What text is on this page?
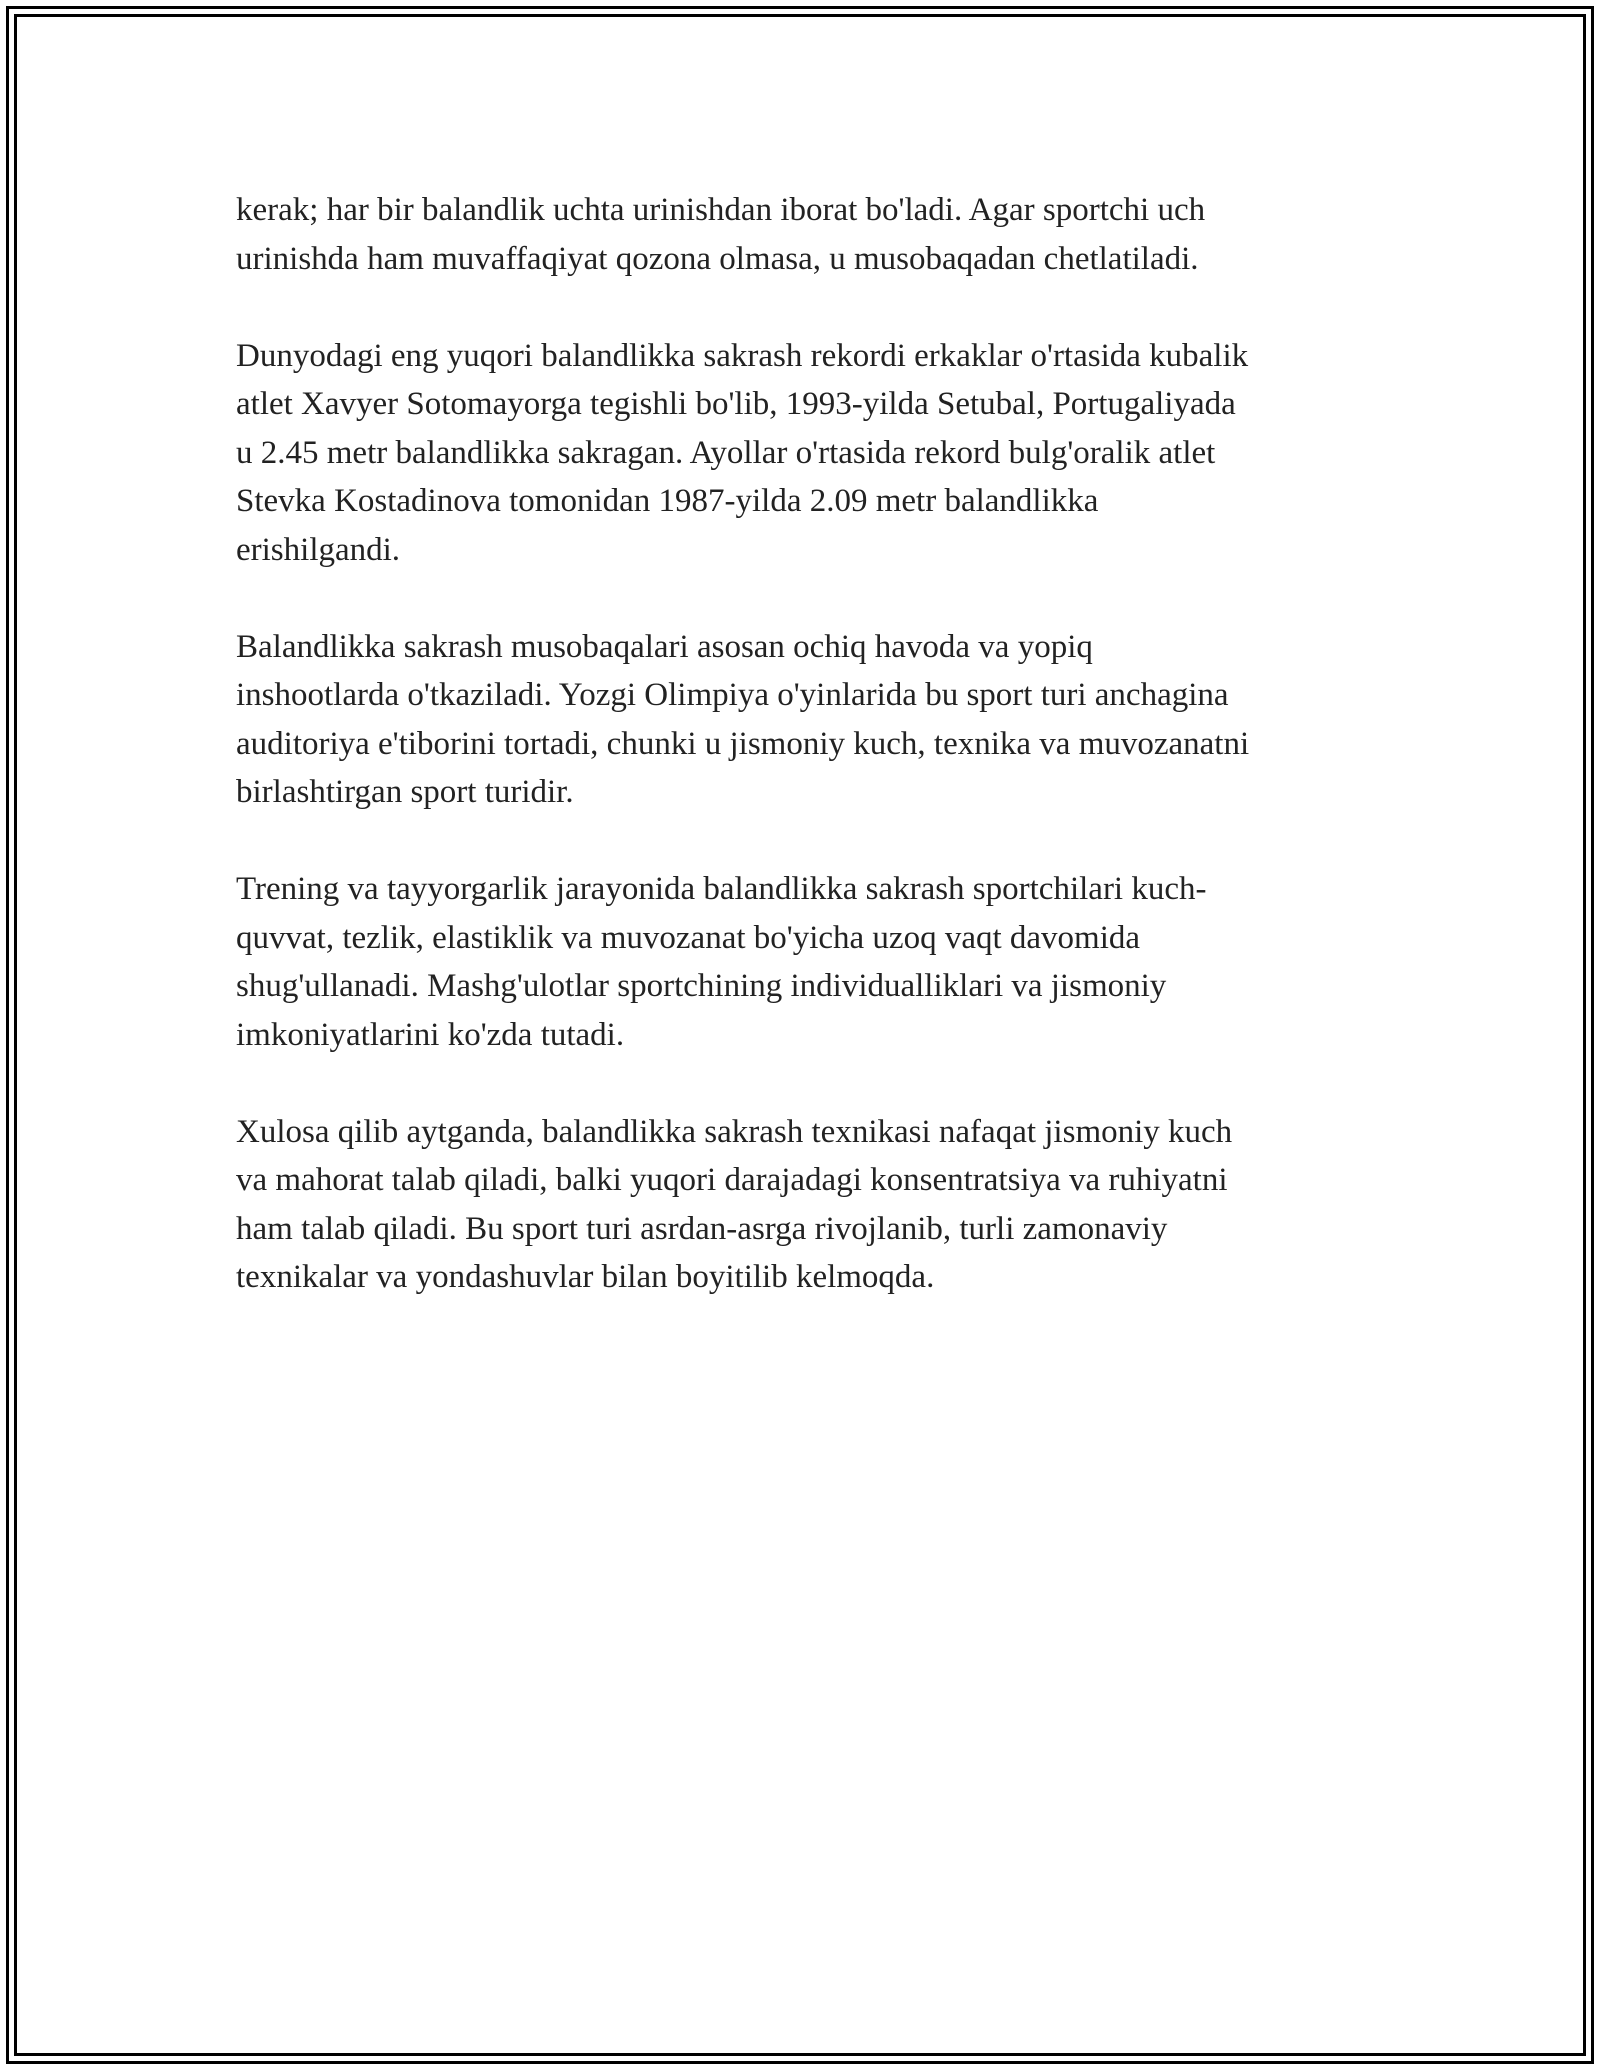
kerak; har bir balandlik uchta urinishdan iborat bo'ladi. Agar sportchi uch
urinishda ham muvaffaqiyat qozona olmasa, u musobaqadan chetlatiladi.

Dunyodagi eng yuqori balandlikka sakrash rekordi erkaklar o'rtasida kubalik
atlet Xavyer Sotomayorga tegishli bo'lib, 1993-yilda Setubal, Portugaliyada
u 2.45 metr balandlikka sakragan. Ayollar o'rtasida rekord bulg'oralik atlet
Stevka Kostadinova tomonidan 1987-yilda 2.09 metr balandlikka
erishilgandi.

Balandlikka sakrash musobaqalari asosan ochiq havoda va yopiq
inshootlarda o'tkaziladi. Yozgi Olimpiya o'yinlarida bu sport turi anchagina
auditoriya e'tiborini tortadi, chunki u jismoniy kuch, texnika va muvozanatni
birlashtirgan sport turidir.

Trening va tayyorgarlik jarayonida balandlikka sakrash sportchilari kuch-
quvvat, tezlik, elastiklik va muvozanat bo'yicha uzoq vaqt davomida
shug'ullanadi. Mashg'ulotlar sportchining individualliklari va jismoniy
imkoniyatlarini ko'zda tutadi.

Xulosa qilib aytganda, balandlikka sakrash texnikasi nafaqat jismoniy kuch
va mahorat talab qiladi, balki yuqori darajadagi konsentratsiya va ruhiyatni
ham talab qiladi. Bu sport turi asrdan-asrga rivojlanib, turli zamonaviy
texnikalar va yondashuvlar bilan boyitilib kelmoqda.
